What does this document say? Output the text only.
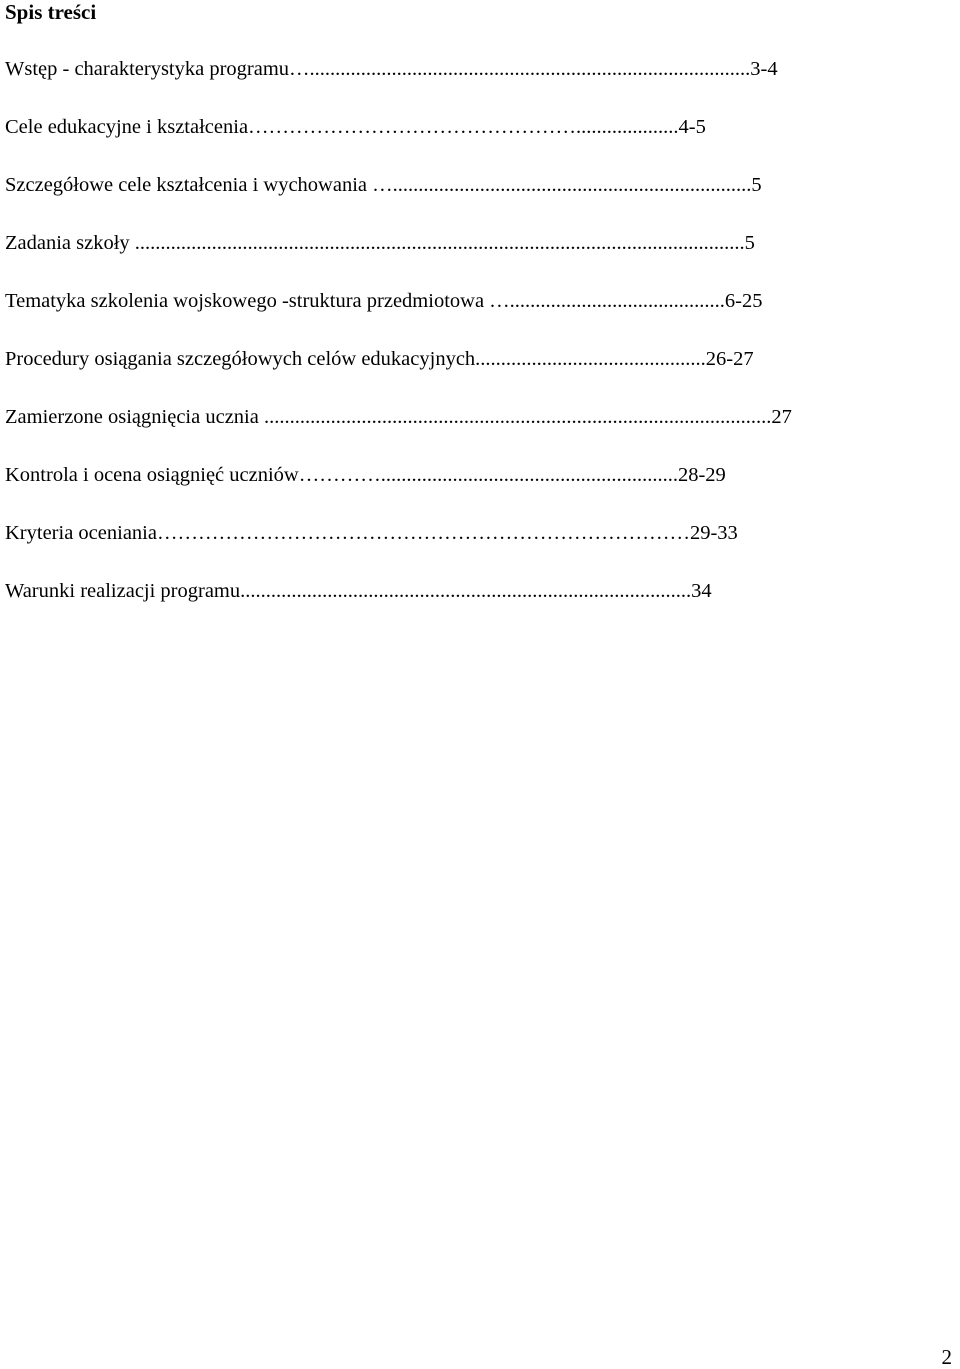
Spis treści
Wstęp - charakterystyka programu…......................................................................................3-4
Cele edukacyjne i kształcenia…………………………………………....................4-5
Szczegółowe cele kształcenia i wychowania …......................................................................5
Zadania szkoły .......................................................................................................................5
Tematyka szkolenia wojskowego -struktura przedmiotowa …..........................................6-25
Procedury osiągania szczegółowych celów edukacyjnych.............................................26-27
Zamierzone osiągnięcia ucznia ...................................................................................................27
Kontrola i ocena osiągnięć uczniów…………..........................................................28-29
Kryteria oceniania……………………………………………………………………29-33
Warunki realizacji programu........................................................................................34
2
